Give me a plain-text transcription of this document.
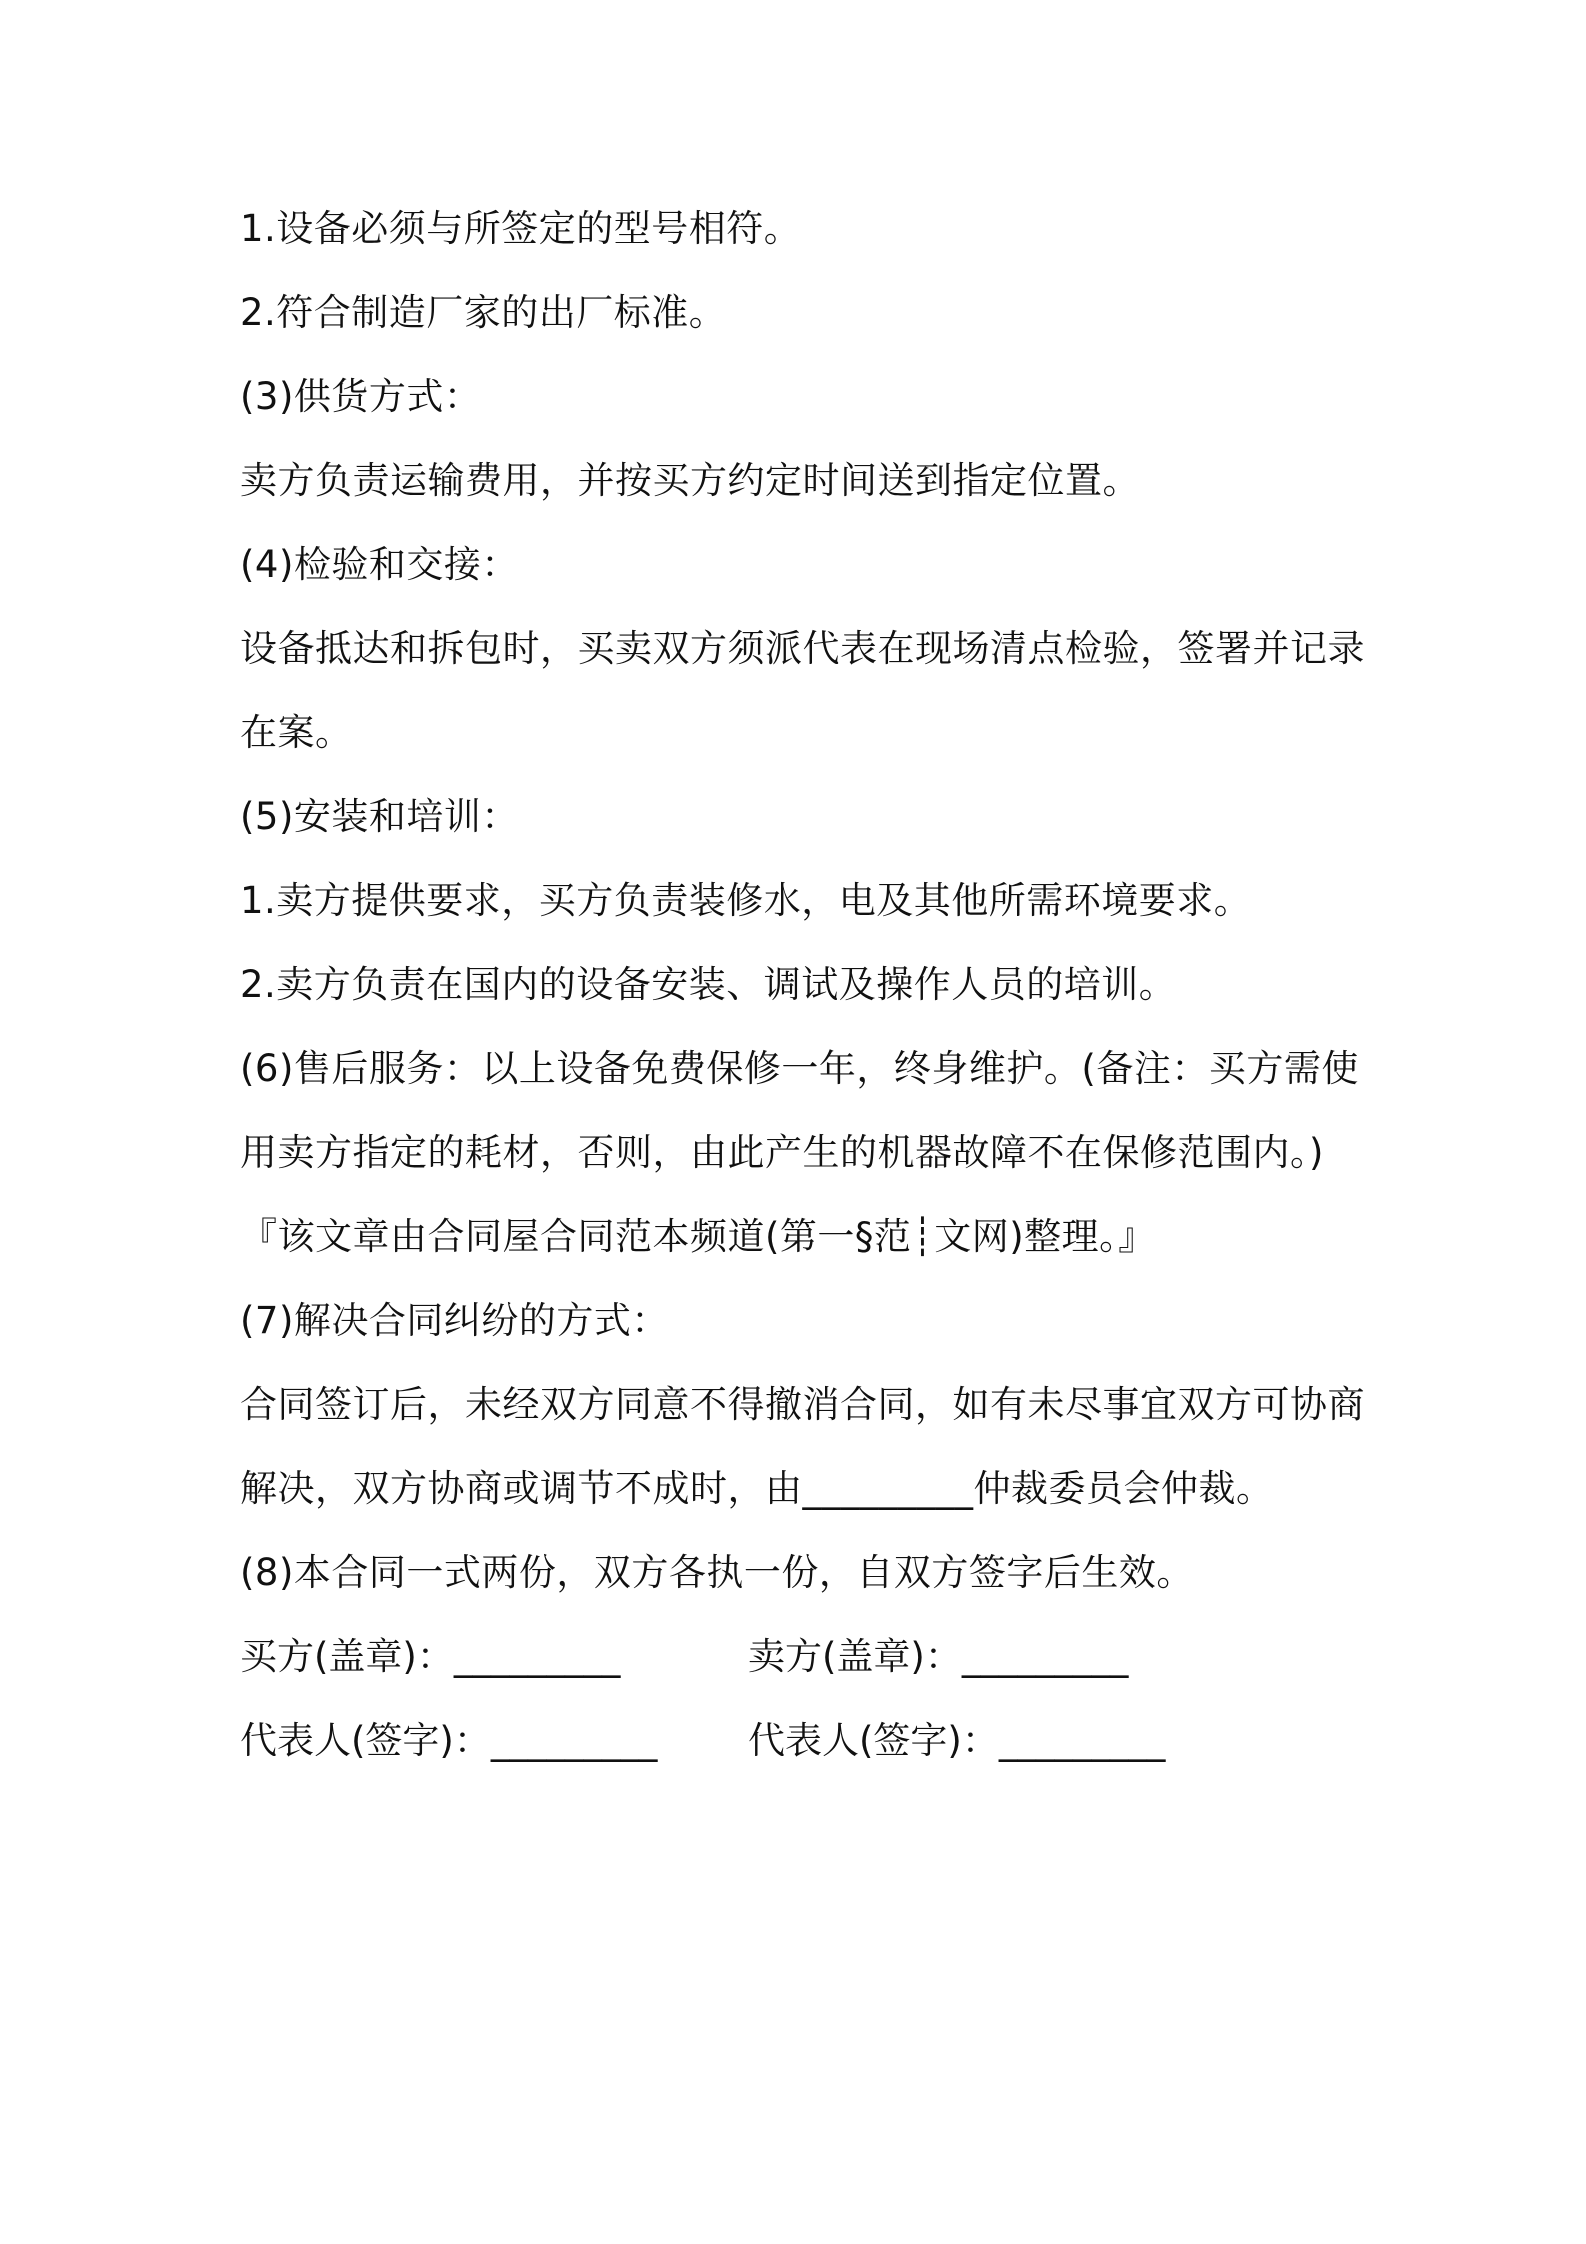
1.设备必须与所签定的型号相符。
2.符合制造厂家的出厂标准。
(3)供货方式：
卖方负责运输费用，并按买方约定时间送到指定位置。
(4)检验和交接：
设备抵达和拆包时，买卖双方须派代表在现场清点检验，签署并记录
在案。
(5)安装和培训：
1.卖方提供要求，买方负责装修水，电及其他所需环境要求。
2.卖方负责在国内的设备安装、调试及操作人员的培训。
(6)售后服务：以上设备免费保修一年，终身维护。(备注：买方需使
用卖方指定的耗材，否则，由此产生的机器故障不在保修范围内。)
『该文章由合同屋合同范本频道(第一§范┊文网)整理。』
(7)解决合同纠纷的方式：
合同签订后，未经双方同意不得撤消合同，如有未尽事宜双方可协商
解决，双方协商或调节不成时，由_________仲裁委员会仲裁。
(8)本合同一式两份，双方各执一份，自双方签字后生效。
买方(盖章)：_________	卖方(盖章)：_________
代表人(签字)：_________ 代表人(签字)：_________
